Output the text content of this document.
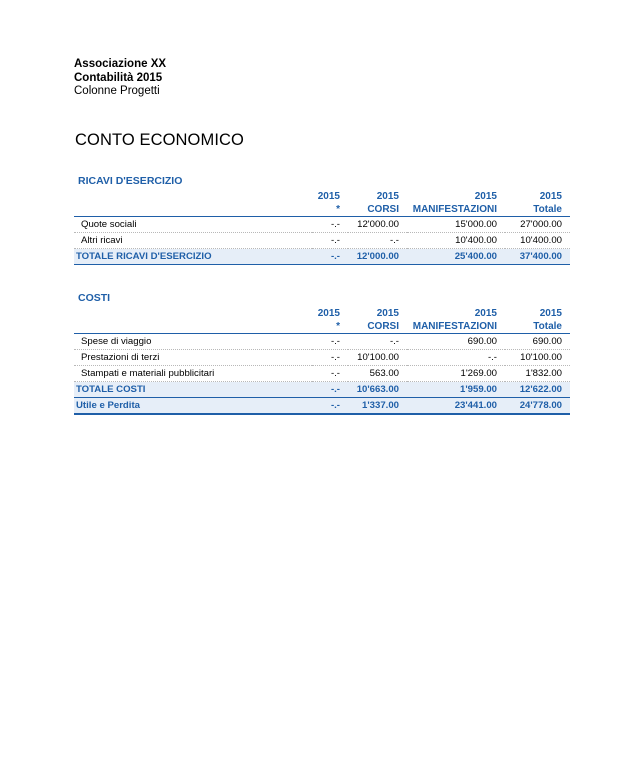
Associazione XX
Contabilità 2015
Colonne Progetti
CONTO ECONOMICO
RICAVI D'ESERCIZIO
	2015	2015	2015	2015
	*	CORSI	MANIFESTAZIONI	Totale
Quote sociali	-.-	12'000.00	15'000.00	27'000.00
Altri ricavi	-.-	-.-	10'400.00	10'400.00
TOTALE RICAVI D'ESERCIZIO	-.-	12'000.00	25'400.00	37'400.00
COSTI
	2015	2015	2015	2015
	*	CORSI	MANIFESTAZIONI	Totale
Spese di viaggio	-.-	-.-	690.00	690.00
Prestazioni di terzi	-.-	10'100.00	-.-	10'100.00
Stampati e materiali pubblicitari	-.-	563.00	1'269.00	1'832.00
TOTALE COSTI	-.-	10'663.00	1'959.00	12'622.00
Utile e Perdita	-.-	1'337.00	23'441.00	24'778.00
